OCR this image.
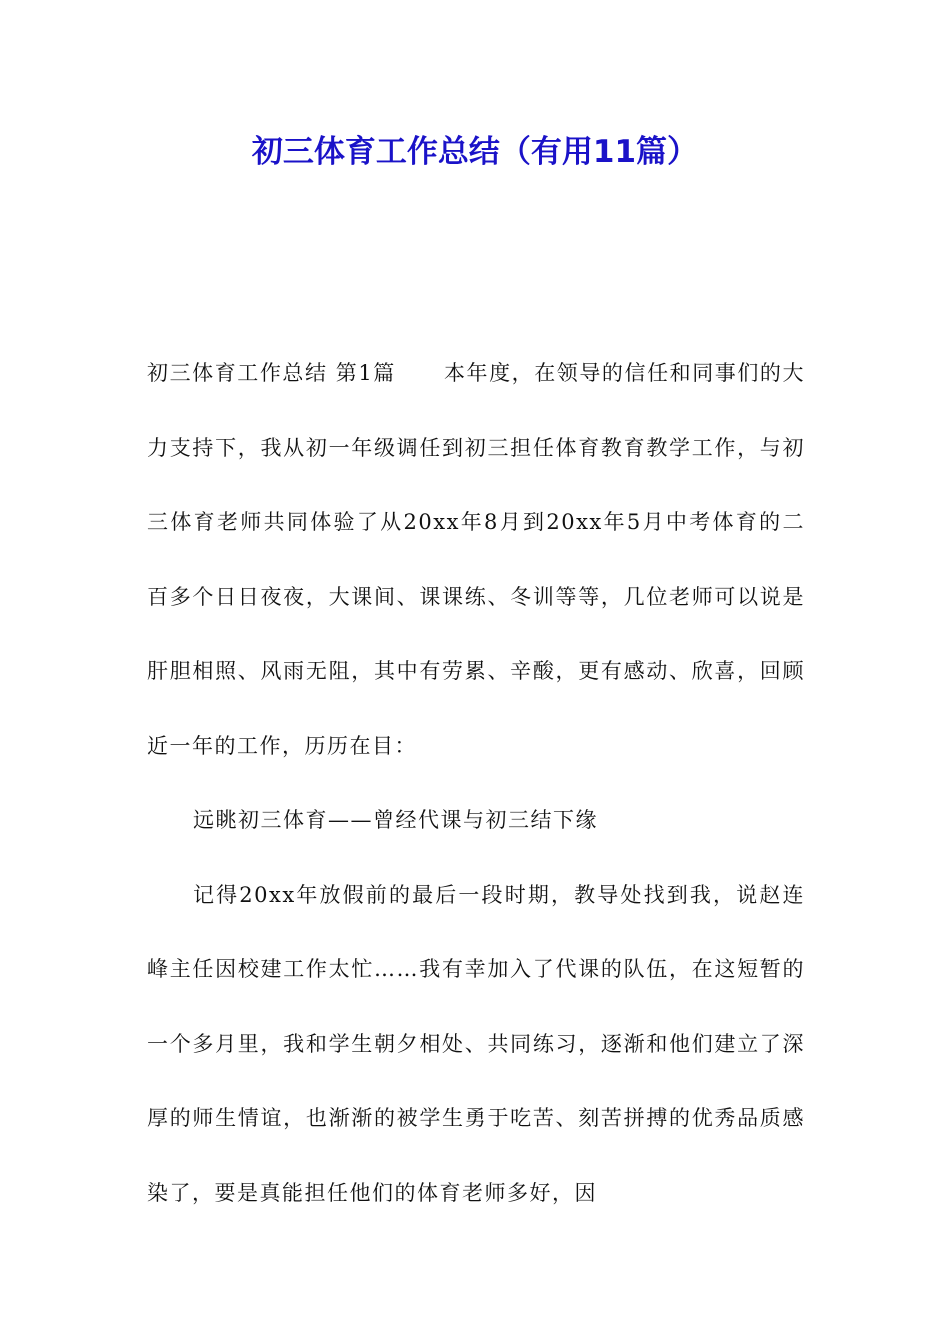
初三体育工作总结（有用11篇）

初三体育工作总结 第1篇 本年度，在领导的信任和同事们的大力支持下，我从初一年级调任到初三担任体育教育教学工作，与初三体育老师共同体验了从20xx年8月到20xx年5月中考体育的二百多个日日夜夜，大课间、课课练、冬训等等，几位老师可以说是肝胆相照、风雨无阻，其中有劳累、辛酸，更有感动、欣喜，回顾近一年的工作，历历在目：

远眺初三体育——曾经代课与初三结下缘

记得20xx年放假前的最后一段时期，教导处找到我，说赵连峰主任因校建工作太忙……我有幸加入了代课的队伍，在这短暂的一个多月里，我和学生朝夕相处、共同练习，逐渐和他们建立了深厚的师生情谊，也渐渐的被学生勇于吃苦、刻苦拼搏的优秀品质感染了，要是真能担任他们的体育老师多好，因
